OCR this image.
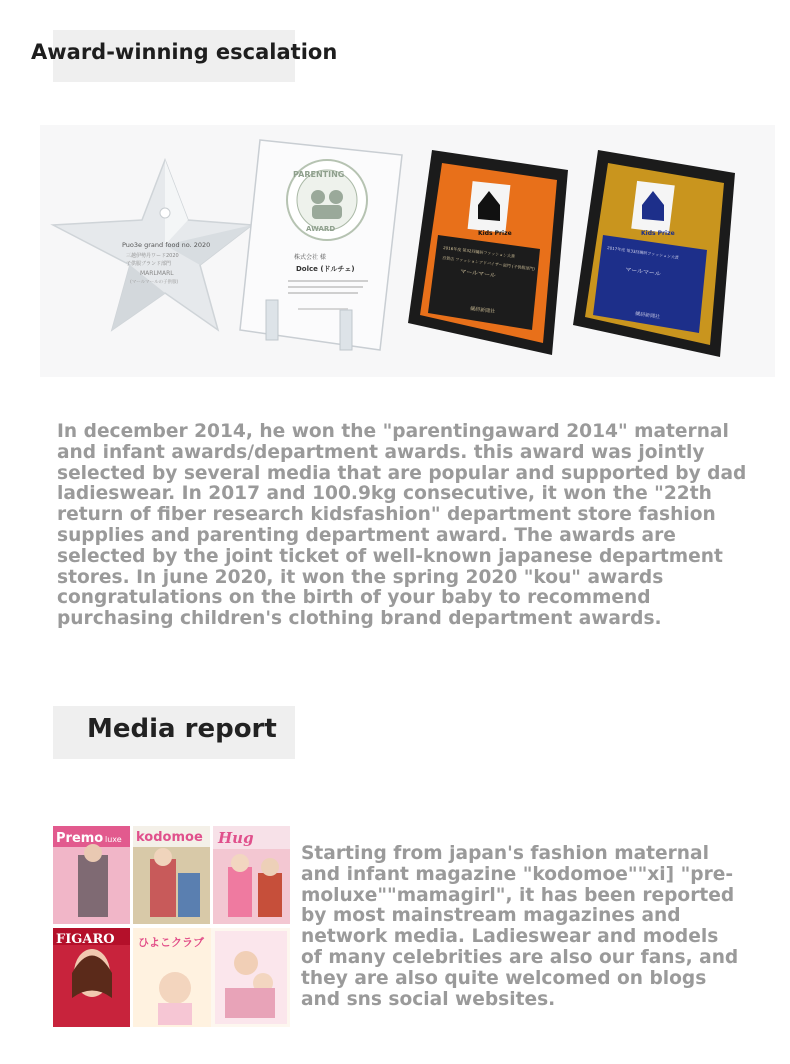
Award-winning escalation
Puo3e grand food no. 2020
三越伊勢丹ワード2020
子供服ブランド部門
MARLMARL
(マールマールの子供服)
PARENTING
AWARD
株式会社 様
Dolce (ドルチェ)
Kids Prize
2016年度 第32回繊研ファッション大賞
百貨店 ファッションアドバイザー部門 (子供服部門)
マールマール
繊研新聞社
Kids Prize
2017年度 第33回繊研ファッション大賞
マールマール
繊研新聞社

In december 2014, he won the "parentingaward 2014" maternal and infant awards/department awards. this award was jointly selected by several media that are popular and supported by dad ladieswear. In 2017 and 100.9kg consecutive, it won the "22th return of fiber research kidsfashion" department store fashion supplies and parenting department award. The awards are selected by the joint ticket of well-known japanese department stores. In june 2020, it won the spring 2020 "kou" awards congratulations on the birth of your baby to recommend purchasing children's clothing brand department awards.

Media report
Premo luxe kodomoe Hug
FIGARO ひよこクラブ

Starting from japan's fashion maternal and infant magazine "kodomoe""xi] "pre-moluxe""mamagirl", it has been reported by most mainstream magazines and network media. Ladieswear and models of many celebrities are also our fans, and they are also quite welcomed on blogs and sns social websites.
